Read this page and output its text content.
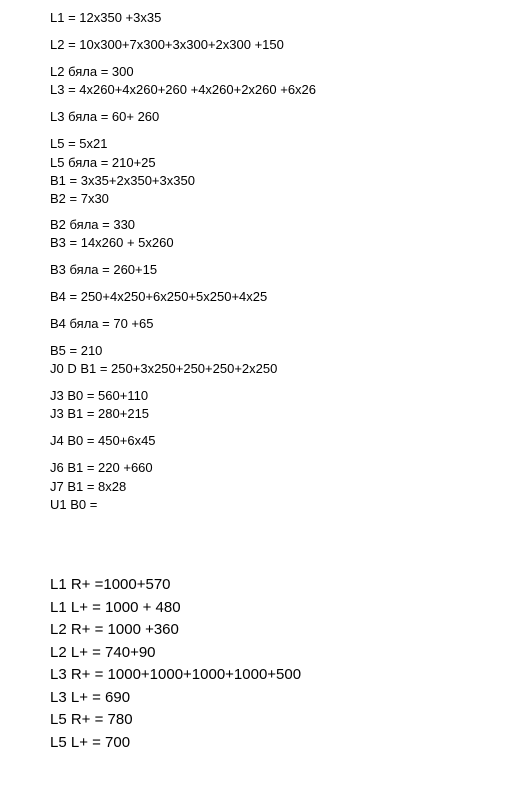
L1 = 12x350 +3x35
L2 = 10x300+7x300+3x300+2x300 +150
L2 бяла = 300
L3 = 4x260+4x260+260 +4x260+2x260 +6x26
L3 бяла = 60+ 260
L5 = 5x21
L5 бяла = 210+25
B1 = 3x35+2x350+3x350
B2 = 7x30
B2 бяла = 330
B3 = 14x260 + 5x260
B3 бяла = 260+15
B4 = 250+4x250+6x250+5x250+4x25
B4 бяла = 70 +65
B5 = 210
J0 D B1 = 250+3x250+250+250+2x250
J3 B0 = 560+110
J3 B1 = 280+215
J4 B0 = 450+6x45
J6 B1 = 220 +660
J7 B1 = 8x28
U1 B0 =
L1 R+ =1000+570
L1 L+ = 1000 + 480
L2 R+ = 1000 +360
L2 L+ = 740+90
L3 R+ = 1000+1000+1000+1000+500
L3 L+ = 690
L5 R+ = 780
L5 L+ = 700
